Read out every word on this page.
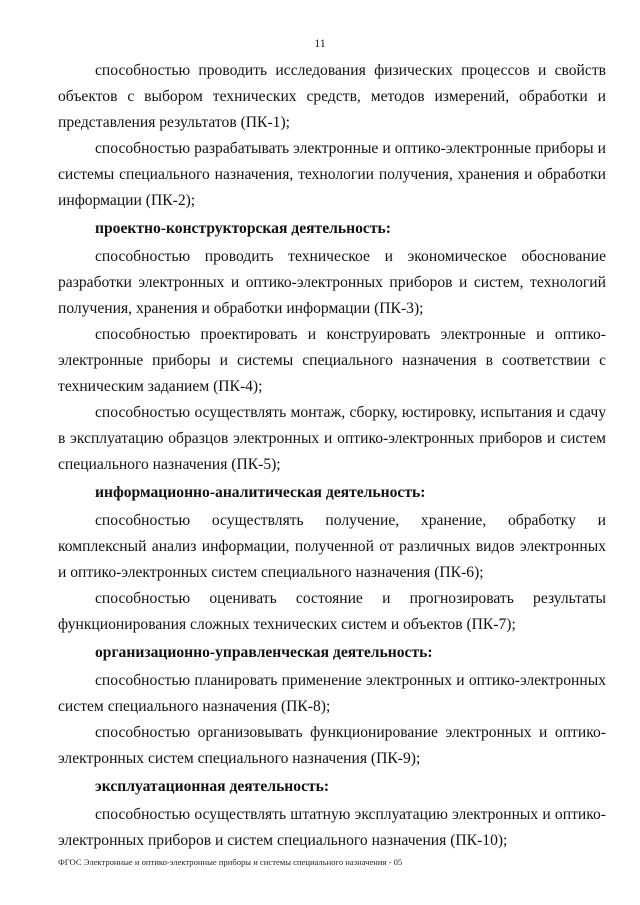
11

способностью проводить исследования физических процессов и свойств объектов с выбором технических средств, методов измерений, обработки и представления результатов (ПК-1);

способностью разрабатывать электронные и оптико-электронные приборы и системы специального назначения, технологии получения, хранения и обработки информации (ПК-2);

проектно-конструкторская деятельность:

способностью проводить техническое и экономическое обоснование разработки электронных и оптико-электронных приборов и систем, технологий получения, хранения и обработки информации (ПК-3);

способностью проектировать и конструировать электронные и оптико-электронные приборы и системы специального назначения в соответствии с техническим заданием (ПК-4);

способностью осуществлять монтаж, сборку, юстировку, испытания и сдачу в эксплуатацию образцов электронных и оптико-электронных приборов и систем специального назначения (ПК-5);

информационно-аналитическая деятельность:

способностью осуществлять получение, хранение, обработку и комплексный анализ информации, полученной от различных видов электронных и оптико-электронных систем специального назначения (ПК-6);

способностью оценивать состояние и прогнозировать результаты функционирования сложных технических систем и объектов (ПК-7);

организационно-управленческая деятельность:

способностью планировать применение электронных и оптико-электронных систем специального назначения (ПК-8);

способностью организовывать функционирование электронных и оптико-электронных систем специального назначения (ПК-9);

эксплуатационная деятельность:

способностью осуществлять штатную эксплуатацию электронных и оптико-электронных приборов и систем специального назначения (ПК-10);

ФГОС Электронные и оптико-электронные приборы и системы специального назначения - 05
